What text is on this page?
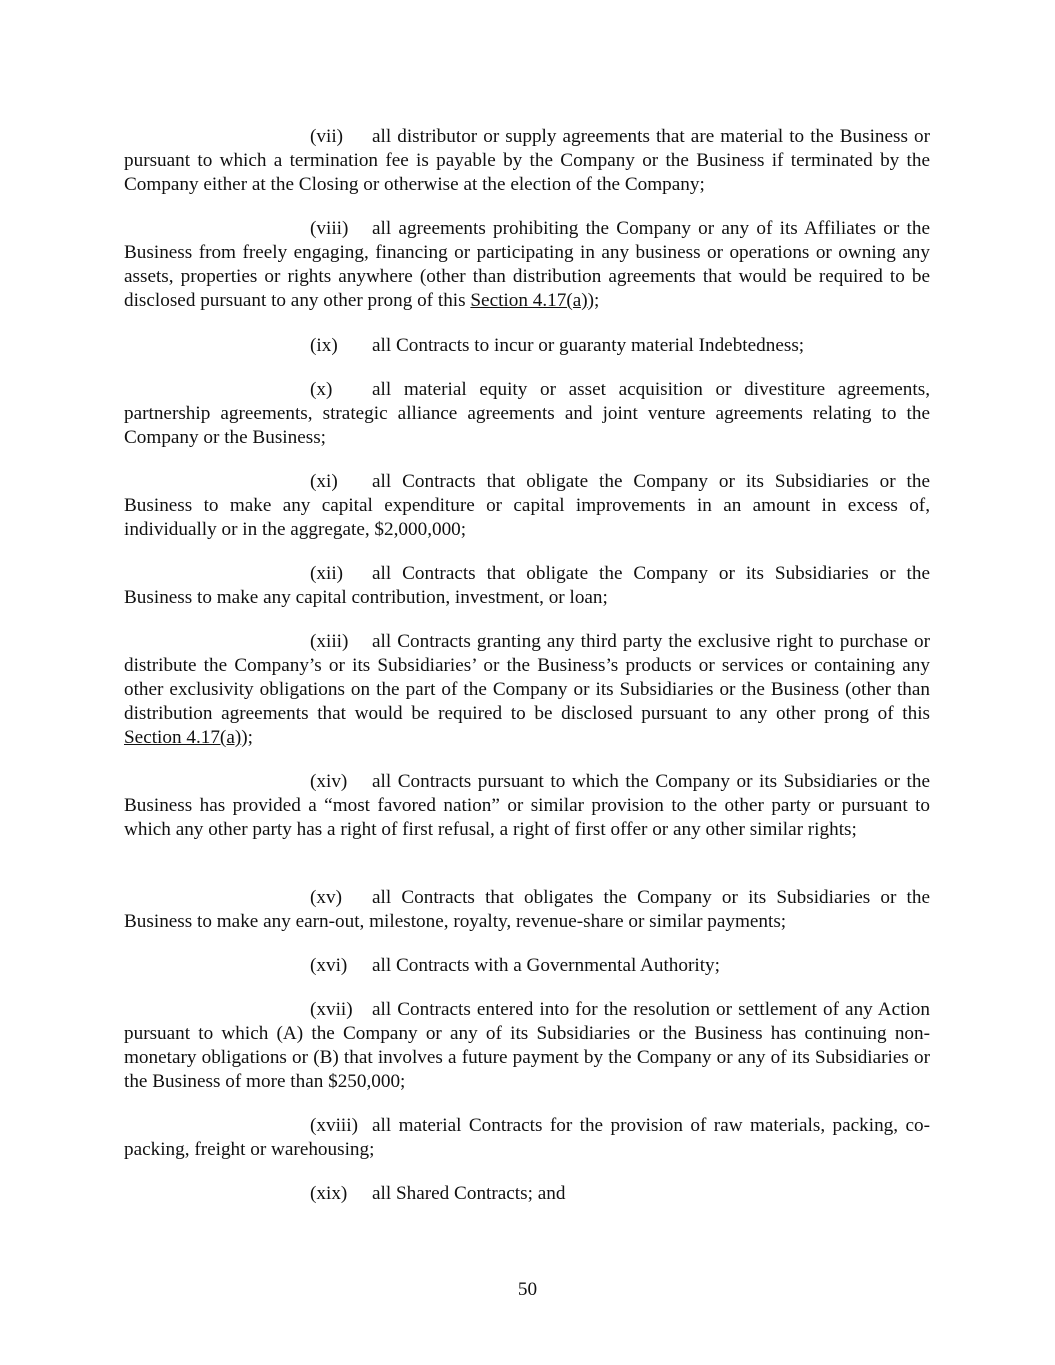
(vii) all distributor or supply agreements that are material to the Business or pursuant to which a termination fee is payable by the Company or the Business if terminated by the Company either at the Closing or otherwise at the election of the Company;

(viii) all agreements prohibiting the Company or any of its Affiliates or the Business from freely engaging, financing or participating in any business or operations or owning any assets, properties or rights anywhere (other than distribution agreements that would be required to be disclosed pursuant to any other prong of this Section 4.17(a));

(ix) all Contracts to incur or guaranty material Indebtedness;

(x) all material equity or asset acquisition or divestiture agreements, partnership agreements, strategic alliance agreements and joint venture agreements relating to the Company or the Business;

(xi) all Contracts that obligate the Company or its Subsidiaries or the Business to make any capital expenditure or capital improvements in an amount in excess of, individually or in the aggregate, $2,000,000;

(xii) all Contracts that obligate the Company or its Subsidiaries or the Business to make any capital contribution, investment, or loan;

(xiii) all Contracts granting any third party the exclusive right to purchase or distribute the Company’s or its Subsidiaries’ or the Business’s products or services or containing any other exclusivity obligations on the part of the Company or its Subsidiaries or the Business (other than distribution agreements that would be required to be disclosed pursuant to any other prong of this Section 4.17(a));

(xiv) all Contracts pursuant to which the Company or its Subsidiaries or the Business has provided a “most favored nation” or similar provision to the other party or pursuant to which any other party has a right of first refusal, a right of first offer or any other similar rights;

(xv) all Contracts that obligates the Company or its Subsidiaries or the Business to make any earn-out, milestone, royalty, revenue-share or similar payments;

(xvi) all Contracts with a Governmental Authority;

(xvii) all Contracts entered into for the resolution or settlement of any Action pursuant to which (A) the Company or any of its Subsidiaries or the Business has continuing non-monetary obligations or (B) that involves a future payment by the Company or any of its Subsidiaries or the Business of more than $250,000;

(xviii) all material Contracts for the provision of raw materials, packing, co-packing, freight or warehousing;

(xix) all Shared Contracts; and

50
